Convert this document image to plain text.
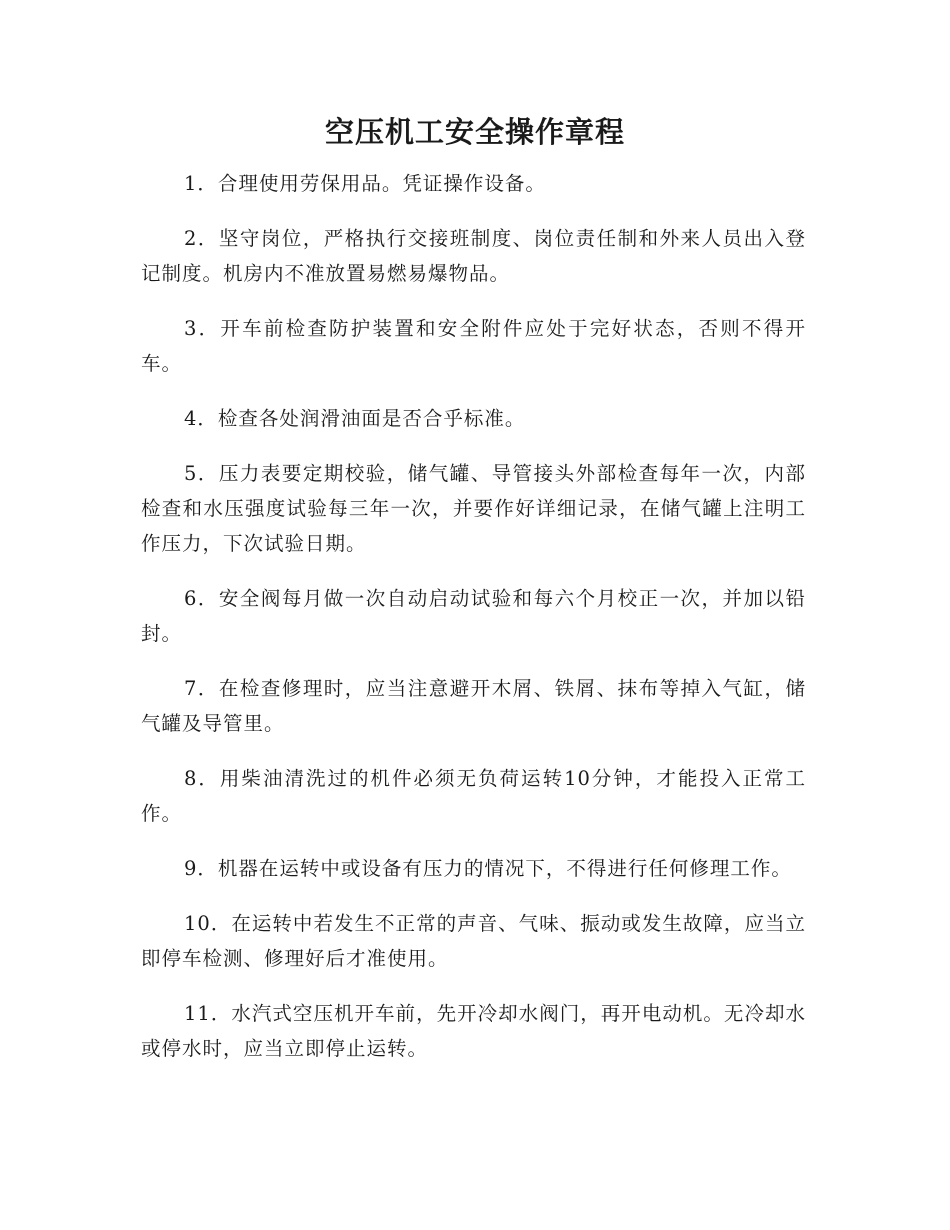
空压机工安全操作章程

1．合理使用劳保用品。凭证操作设备。

2．坚守岗位，严格执行交接班制度、岗位责任制和外来人员出入登记制度。机房内不准放置易燃易爆物品。

3．开车前检查防护装置和安全附件应处于完好状态，否则不得开车。

4．检查各处润滑油面是否合乎标准。

5．压力表要定期校验，储气罐、导管接头外部检查每年一次，内部检查和水压强度试验每三年一次，并要作好详细记录，在储气罐上注明工作压力，下次试验日期。

6．安全阀每月做一次自动启动试验和每六个月校正一次，并加以铅封。

7．在检查修理时，应当注意避开木屑、铁屑、抹布等掉入气缸，储气罐及导管里。

8．用柴油清洗过的机件必须无负荷运转10分钟，才能投入正常工作。

9．机器在运转中或设备有压力的情况下，不得进行任何修理工作。

10．在运转中若发生不正常的声音、气味、振动或发生故障，应当立即停车检测、修理好后才准使用。

11．水汽式空压机开车前，先开冷却水阀门，再开电动机。无冷却水或停水时，应当立即停止运转。
